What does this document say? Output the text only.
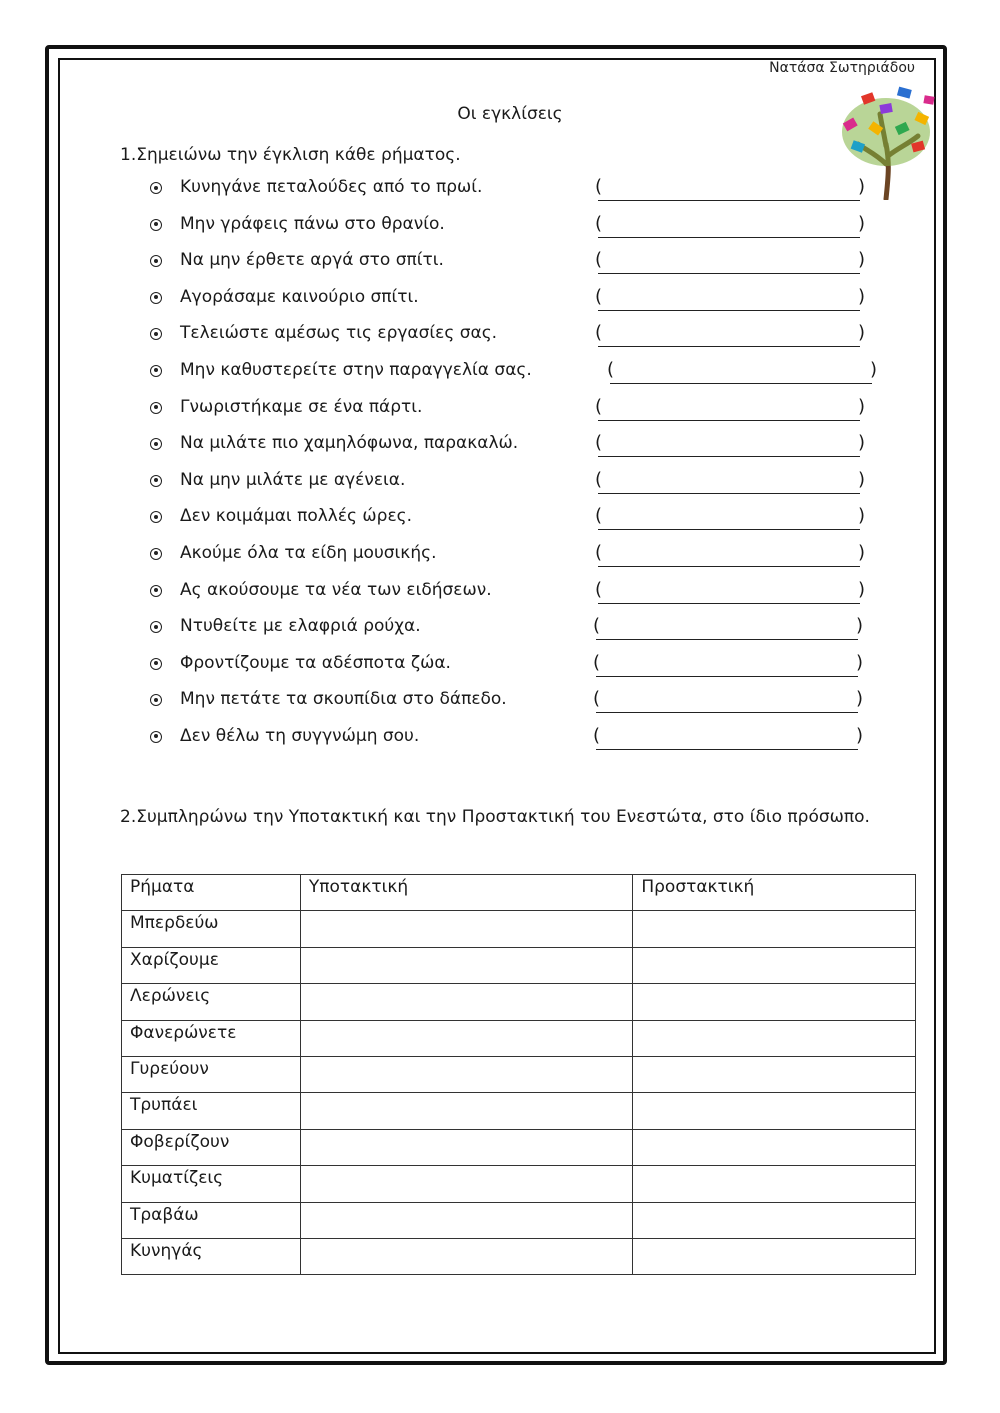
Νατάσα Σωτηριάδου
Οι εγκλίσεις
1.Σημειώνω την έγκλιση κάθε ρήματος.
Κυνηγάνε πεταλούδες από το πρωί.
( )
Μην γράφεις πάνω στο θρανίο.
( )
Να μην έρθετε αργά στο σπίτι.
( )
Αγοράσαμε καινούριο σπίτι.
( )
Τελειώστε αμέσως τις εργασίες σας.
( )
Μην καθυστερείτε στην παραγγελία σας.
( )
Γνωριστήκαμε σε ένα πάρτι.
( )
Να μιλάτε πιο χαμηλόφωνα, παρακαλώ.
( )
Να μην μιλάτε με αγένεια.
( )
Δεν κοιμάμαι πολλές ώρες.
( )
Ακούμε όλα τα είδη μουσικής.
( )
Ας ακούσουμε τα νέα των ειδήσεων.
( )
Ντυθείτε με ελαφριά ρούχα.
( )
Φροντίζουμε τα αδέσποτα ζώα.
( )
Μην πετάτε τα σκουπίδια στο δάπεδο.
( )
Δεν θέλω τη συγγνώμη σου.
( )
2.Συμπληρώνω την Υποτακτική και την Προστακτική του Ενεστώτα, στο ίδιο πρόσωπο.
Ρήματα	Υποτακτική	Προστακτική
Μπερδεύω		
Χαρίζουμε		
Λερώνεις		
Φανερώνετε		
Γυρεύουν		
Τρυπάει		
Φοβερίζουν		
Κυματίζεις		
Τραβάω		
Κυνηγάς		
